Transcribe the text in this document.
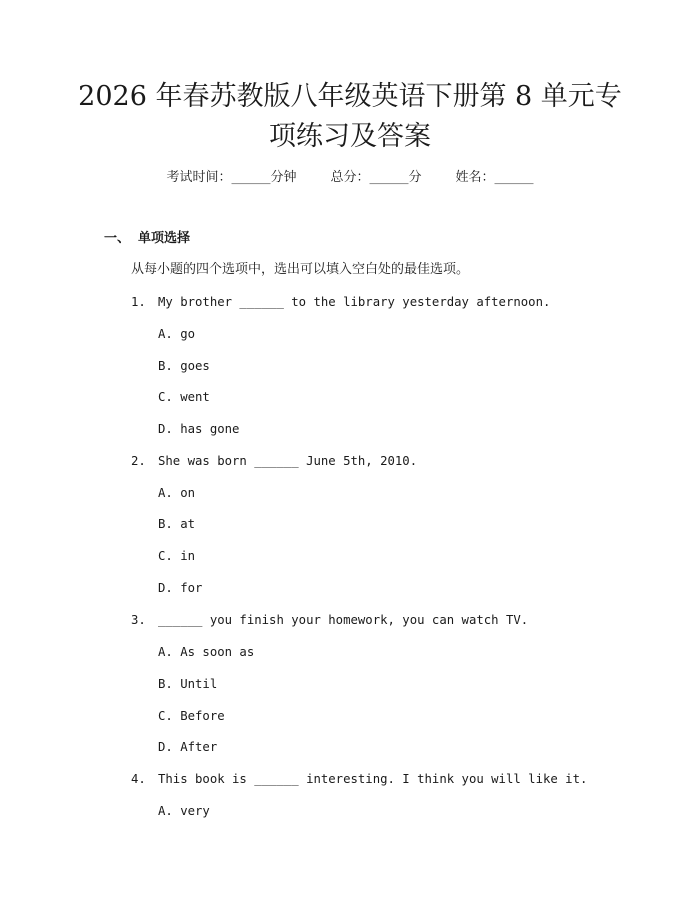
2026 年春苏教版八年级英语下册第 8 单元专
项练习及答案
考试时间：______分钟	总分：______分	姓名：______
一、 单项选择
从每小题的四个选项中，选出可以填入空白处的最佳选项。
1. My brother ______ to the library yesterday afternoon.
A. go
B. goes
C. went
D. has gone
2. She was born ______ June 5th, 2010.
A. on
B. at
C. in
D. for
3. ______ you finish your homework, you can watch TV.
A. As soon as
B. Until
C. Before
D. After
4. This book is ______ interesting. I think you will like it.
A. very
